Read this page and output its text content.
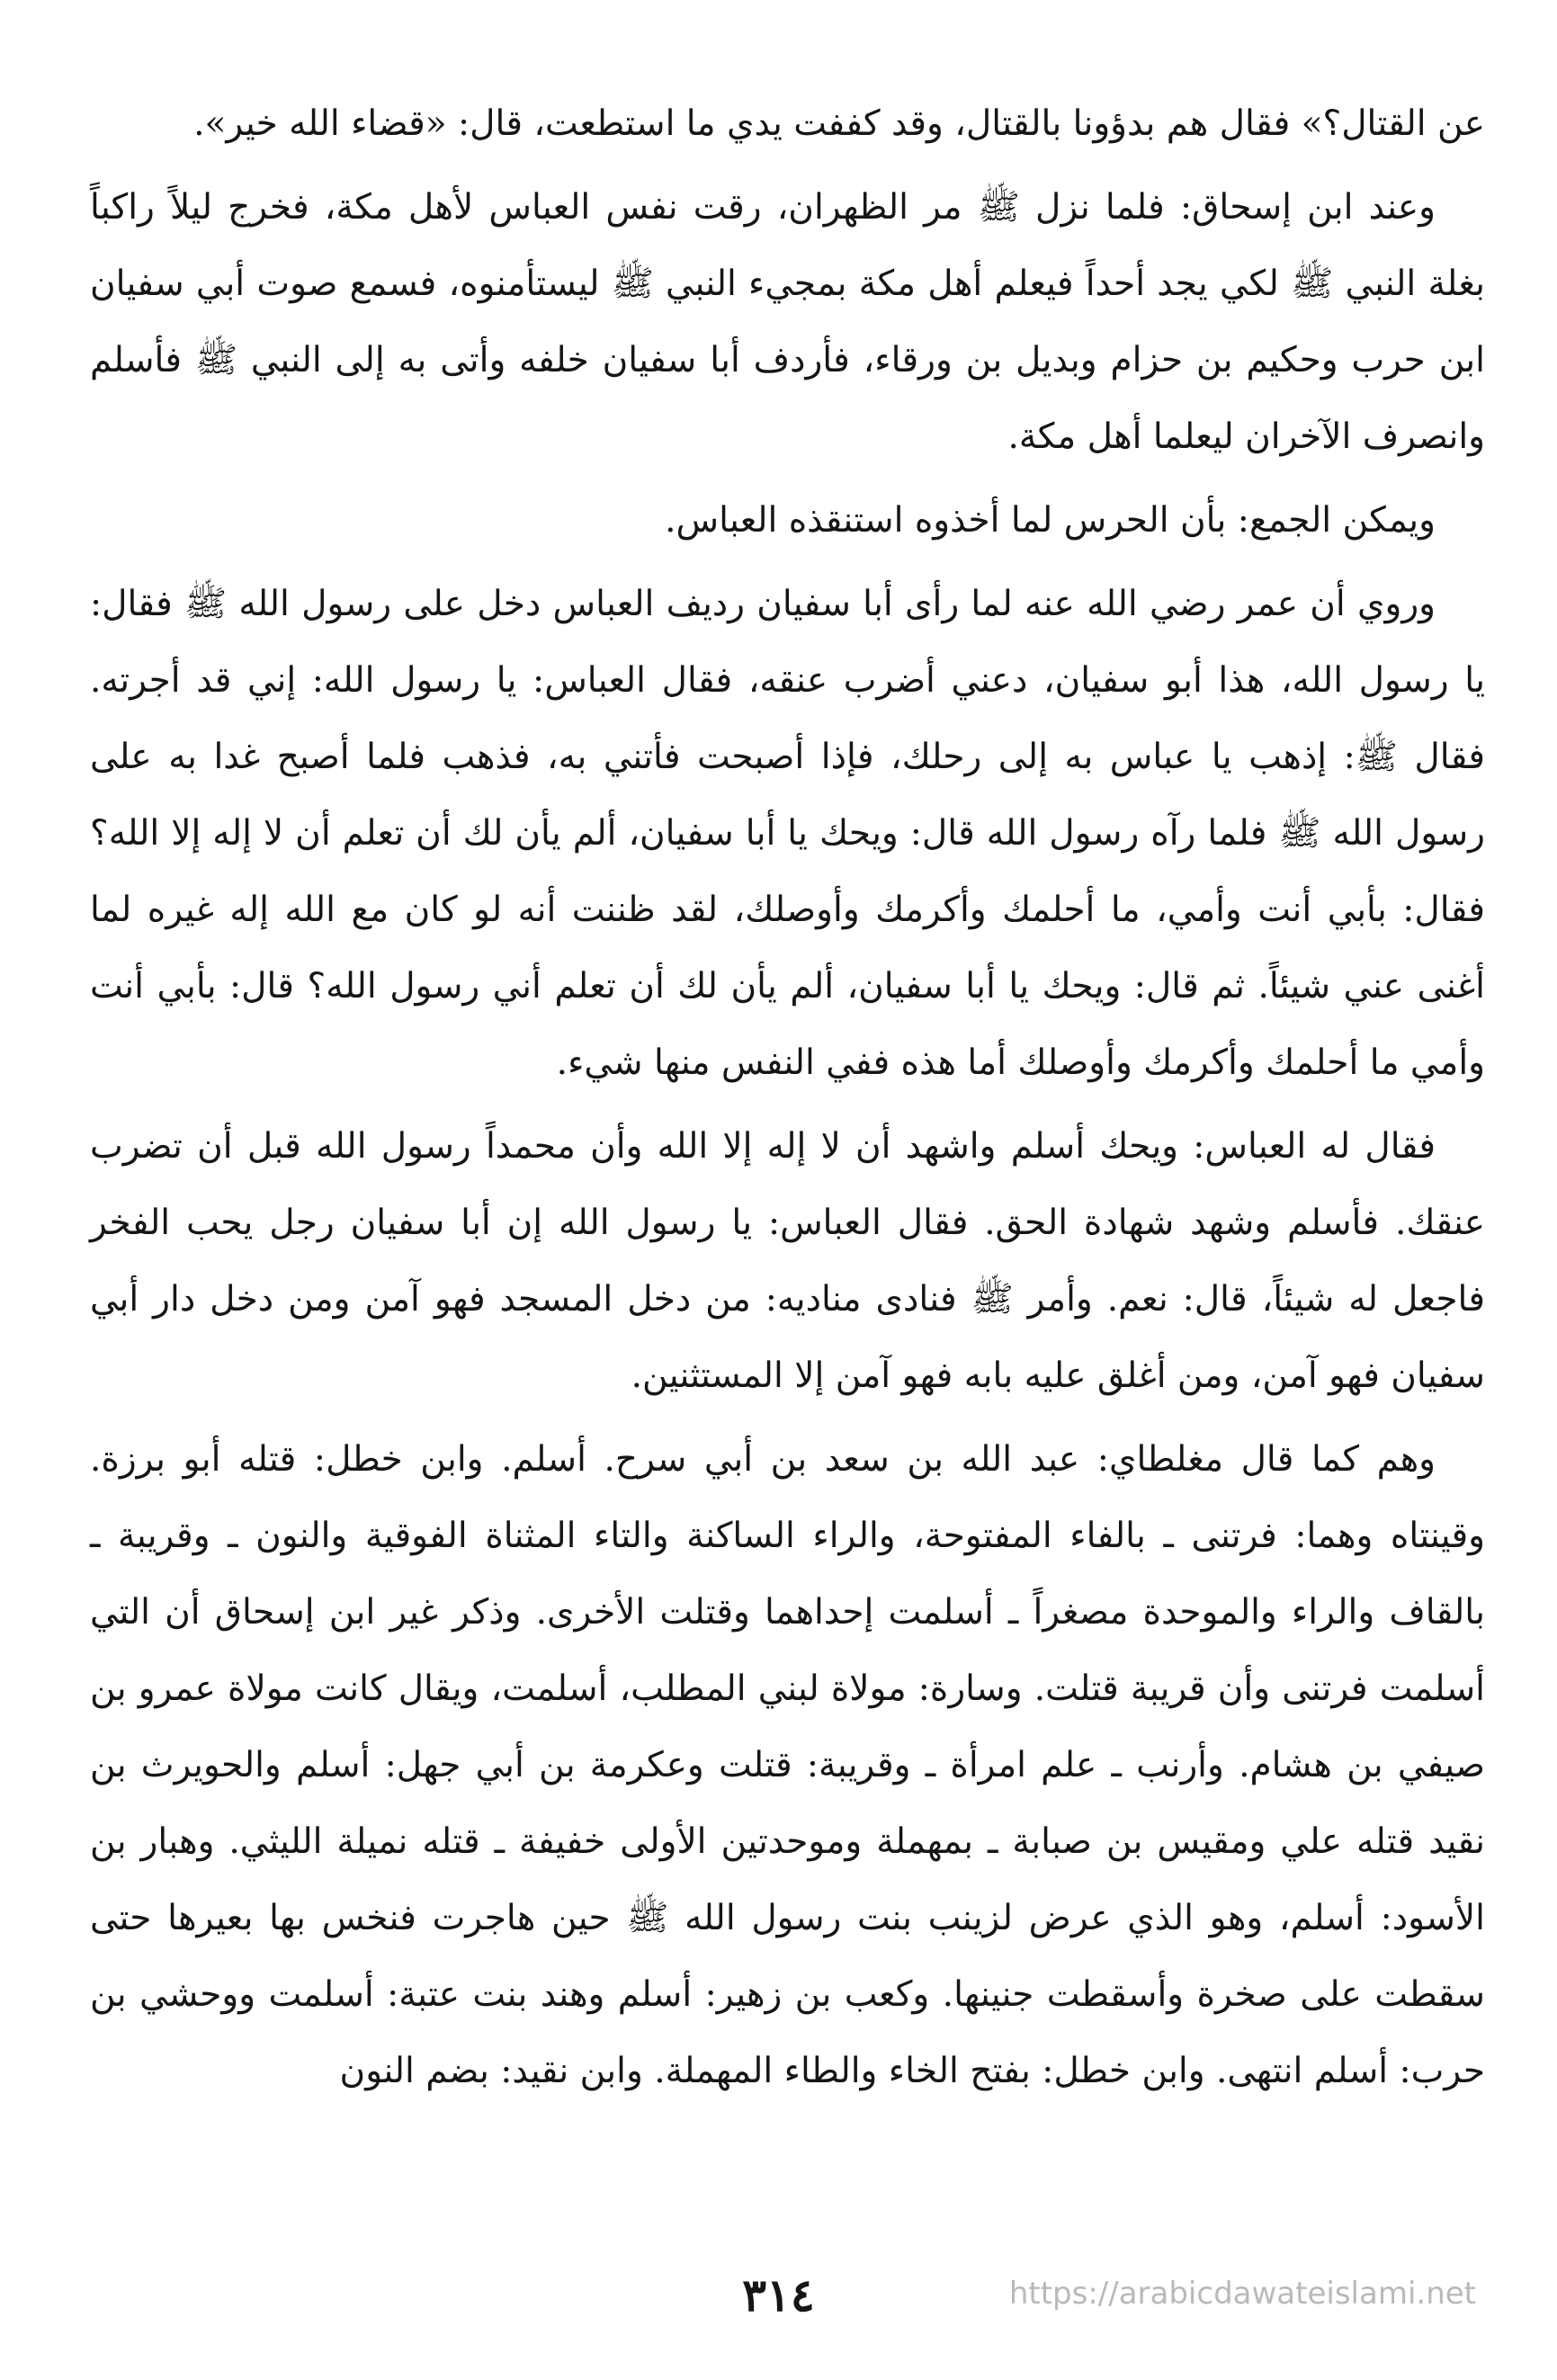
عن القتال؟» فقال هم بدؤونا بالقتال، وقد كففت يدي ما استطعت، قال: «قضاء الله خير».

وعند ابن إسحاق: فلما نزل ﷺ مر الظهران، رقت نفس العباس لأهل مكة، فخرج ليلاً راكباً بغلة النبي ﷺ لكي يجد أحداً فيعلم أهل مكة بمجيء النبي ﷺ ليستأمنوه، فسمع صوت أبي سفيان ابن حرب وحكيم بن حزام وبديل بن ورقاء، فأردف أبا سفيان خلفه وأتى به إلى النبي ﷺ فأسلم وانصرف الآخران ليعلما أهل مكة.

ويمكن الجمع: بأن الحرس لما أخذوه استنقذه العباس.

وروي أن عمر رضي الله عنه لما رأى أبا سفيان رديف العباس دخل على رسول الله ﷺ فقال: يا رسول الله، هذا أبو سفيان، دعني أضرب عنقه، فقال العباس: يا رسول الله: إني قد أجرته. فقال ﷺ: إذهب يا عباس به إلى رحلك، فإذا أصبحت فأتني به، فذهب فلما أصبح غدا به على رسول الله ﷺ فلما رآه رسول الله قال: ويحك يا أبا سفيان، ألم يأن لك أن تعلم أن لا إله إلا الله؟ فقال: بأبي أنت وأمي، ما أحلمك وأكرمك وأوصلك، لقد ظننت أنه لو كان مع الله إله غيره لما أغنى عني شيئاً. ثم قال: ويحك يا أبا سفيان، ألم يأن لك أن تعلم أني رسول الله؟ قال: بأبي أنت وأمي ما أحلمك وأكرمك وأوصلك أما هذه ففي النفس منها شيء.

فقال له العباس: ويحك أسلم واشهد أن لا إله إلا الله وأن محمداً رسول الله قبل أن تضرب عنقك. فأسلم وشهد شهادة الحق. فقال العباس: يا رسول الله إن أبا سفيان رجل يحب الفخر فاجعل له شيئاً، قال: نعم. وأمر ﷺ فنادى مناديه: من دخل المسجد فهو آمن ومن دخل دار أبي سفيان فهو آمن، ومن أغلق عليه بابه فهو آمن إلا المستثنين.

وهم كما قال مغلطاي: عبد الله بن سعد بن أبي سرح. أسلم. وابن خطل: قتله أبو برزة. وقينتاه وهما: فرتنى ـ بالفاء المفتوحة، والراء الساكنة والتاء المثناة الفوقية والنون ـ وقريبة ـ بالقاف والراء والموحدة مصغراً ـ أسلمت إحداهما وقتلت الأخرى. وذكر غير ابن إسحاق أن التي أسلمت فرتنى وأن قريبة قتلت. وسارة: مولاة لبني المطلب، أسلمت، ويقال كانت مولاة عمرو بن صيفي بن هشام. وأرنب ـ علم امرأة ـ وقريبة: قتلت وعكرمة بن أبي جهل: أسلم والحويرث بن نقيد قتله علي ومقيس بن صبابة ـ بمهملة وموحدتين الأولى خفيفة ـ قتله نميلة الليثي. وهبار بن الأسود: أسلم، وهو الذي عرض لزينب بنت رسول الله ﷺ حين هاجرت فنخس بها بعيرها حتى سقطت على صخرة وأسقطت جنينها. وكعب بن زهير: أسلم وهند بنت عتبة: أسلمت ووحشي بن حرب: أسلم انتهى. وابن خطل: بفتح الخاء والطاء المهملة. وابن نقيد: بضم النون

٣١٤	https://arabicdawateislami.net
